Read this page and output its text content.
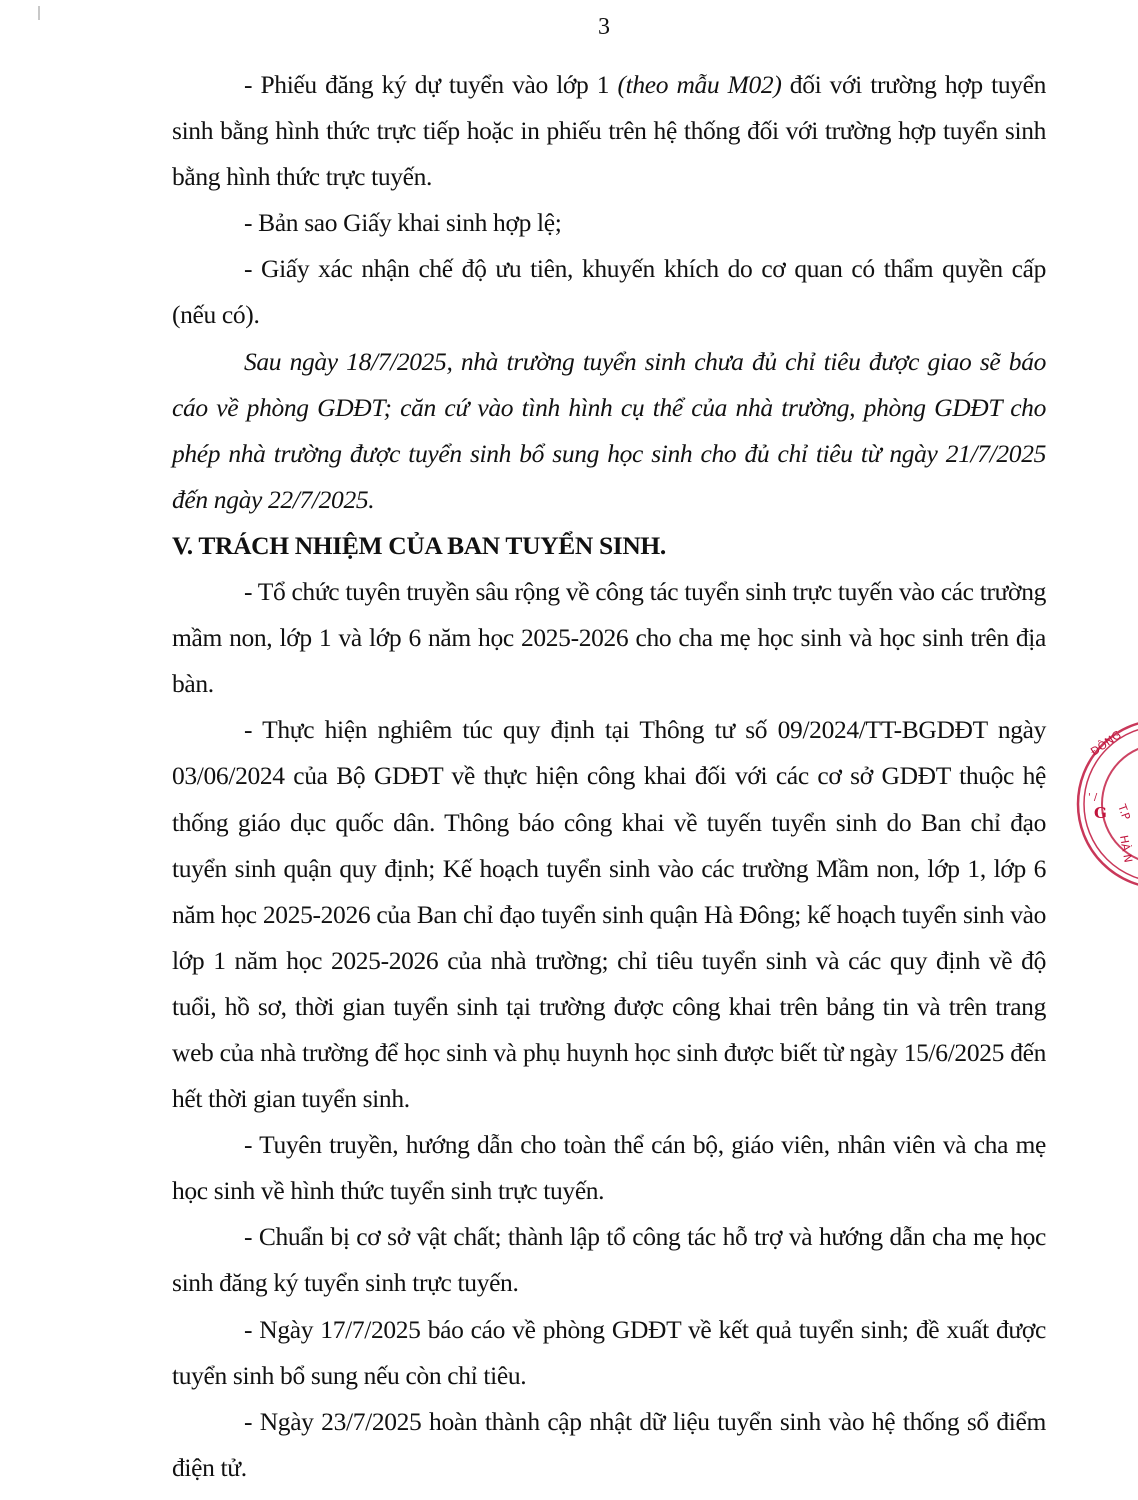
3

- Phiếu đăng ký dự tuyển vào lớp 1 (theo mẫu M02) đối với trường hợp tuyển sinh bằng hình thức trực tiếp hoặc in phiếu trên hệ thống đối với trường hợp tuyển sinh bằng hình thức trực tuyến.

- Bản sao Giấy khai sinh hợp lệ;

- Giấy xác nhận chế độ ưu tiên, khuyến khích do cơ quan có thẩm quyền cấp (nếu có).

Sau ngày 18/7/2025, nhà trường tuyển sinh chưa đủ chỉ tiêu được giao sẽ báo cáo về phòng GDĐT; căn cứ vào tình hình cụ thể của nhà trường, phòng GDĐT cho phép nhà trường được tuyển sinh bổ sung học sinh cho đủ chỉ tiêu từ ngày 21/7/2025 đến ngày 22/7/2025.

V. TRÁCH NHIỆM CỦA BAN TUYỂN SINH.

- Tổ chức tuyên truyền sâu rộng về công tác tuyển sinh trực tuyến vào các trường mầm non, lớp 1 và lớp 6 năm học 2025-2026 cho cha mẹ học sinh và học sinh trên địa bàn.

- Thực hiện nghiêm túc quy định tại Thông tư số 09/2024/TT-BGDĐT ngày 03/06/2024 của Bộ GDĐT về thực hiện công khai đối với các cơ sở GDĐT thuộc hệ thống giáo dục quốc dân. Thông báo công khai về tuyến tuyển sinh do Ban chỉ đạo tuyển sinh quận quy định; Kế hoạch tuyển sinh vào các trường Mầm non, lớp 1, lớp 6 năm học 2025-2026 của Ban chỉ đạo tuyển sinh quận Hà Đông; kế hoạch tuyển sinh vào lớp 1 năm học 2025-2026 của nhà trường; chỉ tiêu tuyển sinh và các quy định về độ tuổi, hồ sơ, thời gian tuyển sinh tại trường được công khai trên bảng tin và trên trang web của nhà trường để học sinh và phụ huynh học sinh được biết từ ngày 15/6/2025 đến hết thời gian tuyển sinh.

- Tuyên truyền, hướng dẫn cho toàn thể cán bộ, giáo viên, nhân viên và cha mẹ học sinh về hình thức tuyển sinh trực tuyến.

- Chuẩn bị cơ sở vật chất; thành lập tổ công tác hỗ trợ và hướng dẫn cha mẹ học sinh đăng ký tuyển sinh trực tuyến.

- Ngày 17/7/2025 báo cáo về phòng GDĐT về kết quả tuyển sinh; đề xuất được tuyển sinh bổ sung nếu còn chỉ tiêu.

- Ngày 23/7/2025 hoàn thành cập nhật dữ liệu tuyển sinh vào hệ thống sổ điểm điện tử.

ĐÔNG
T.P
HÀ N
G
' /
